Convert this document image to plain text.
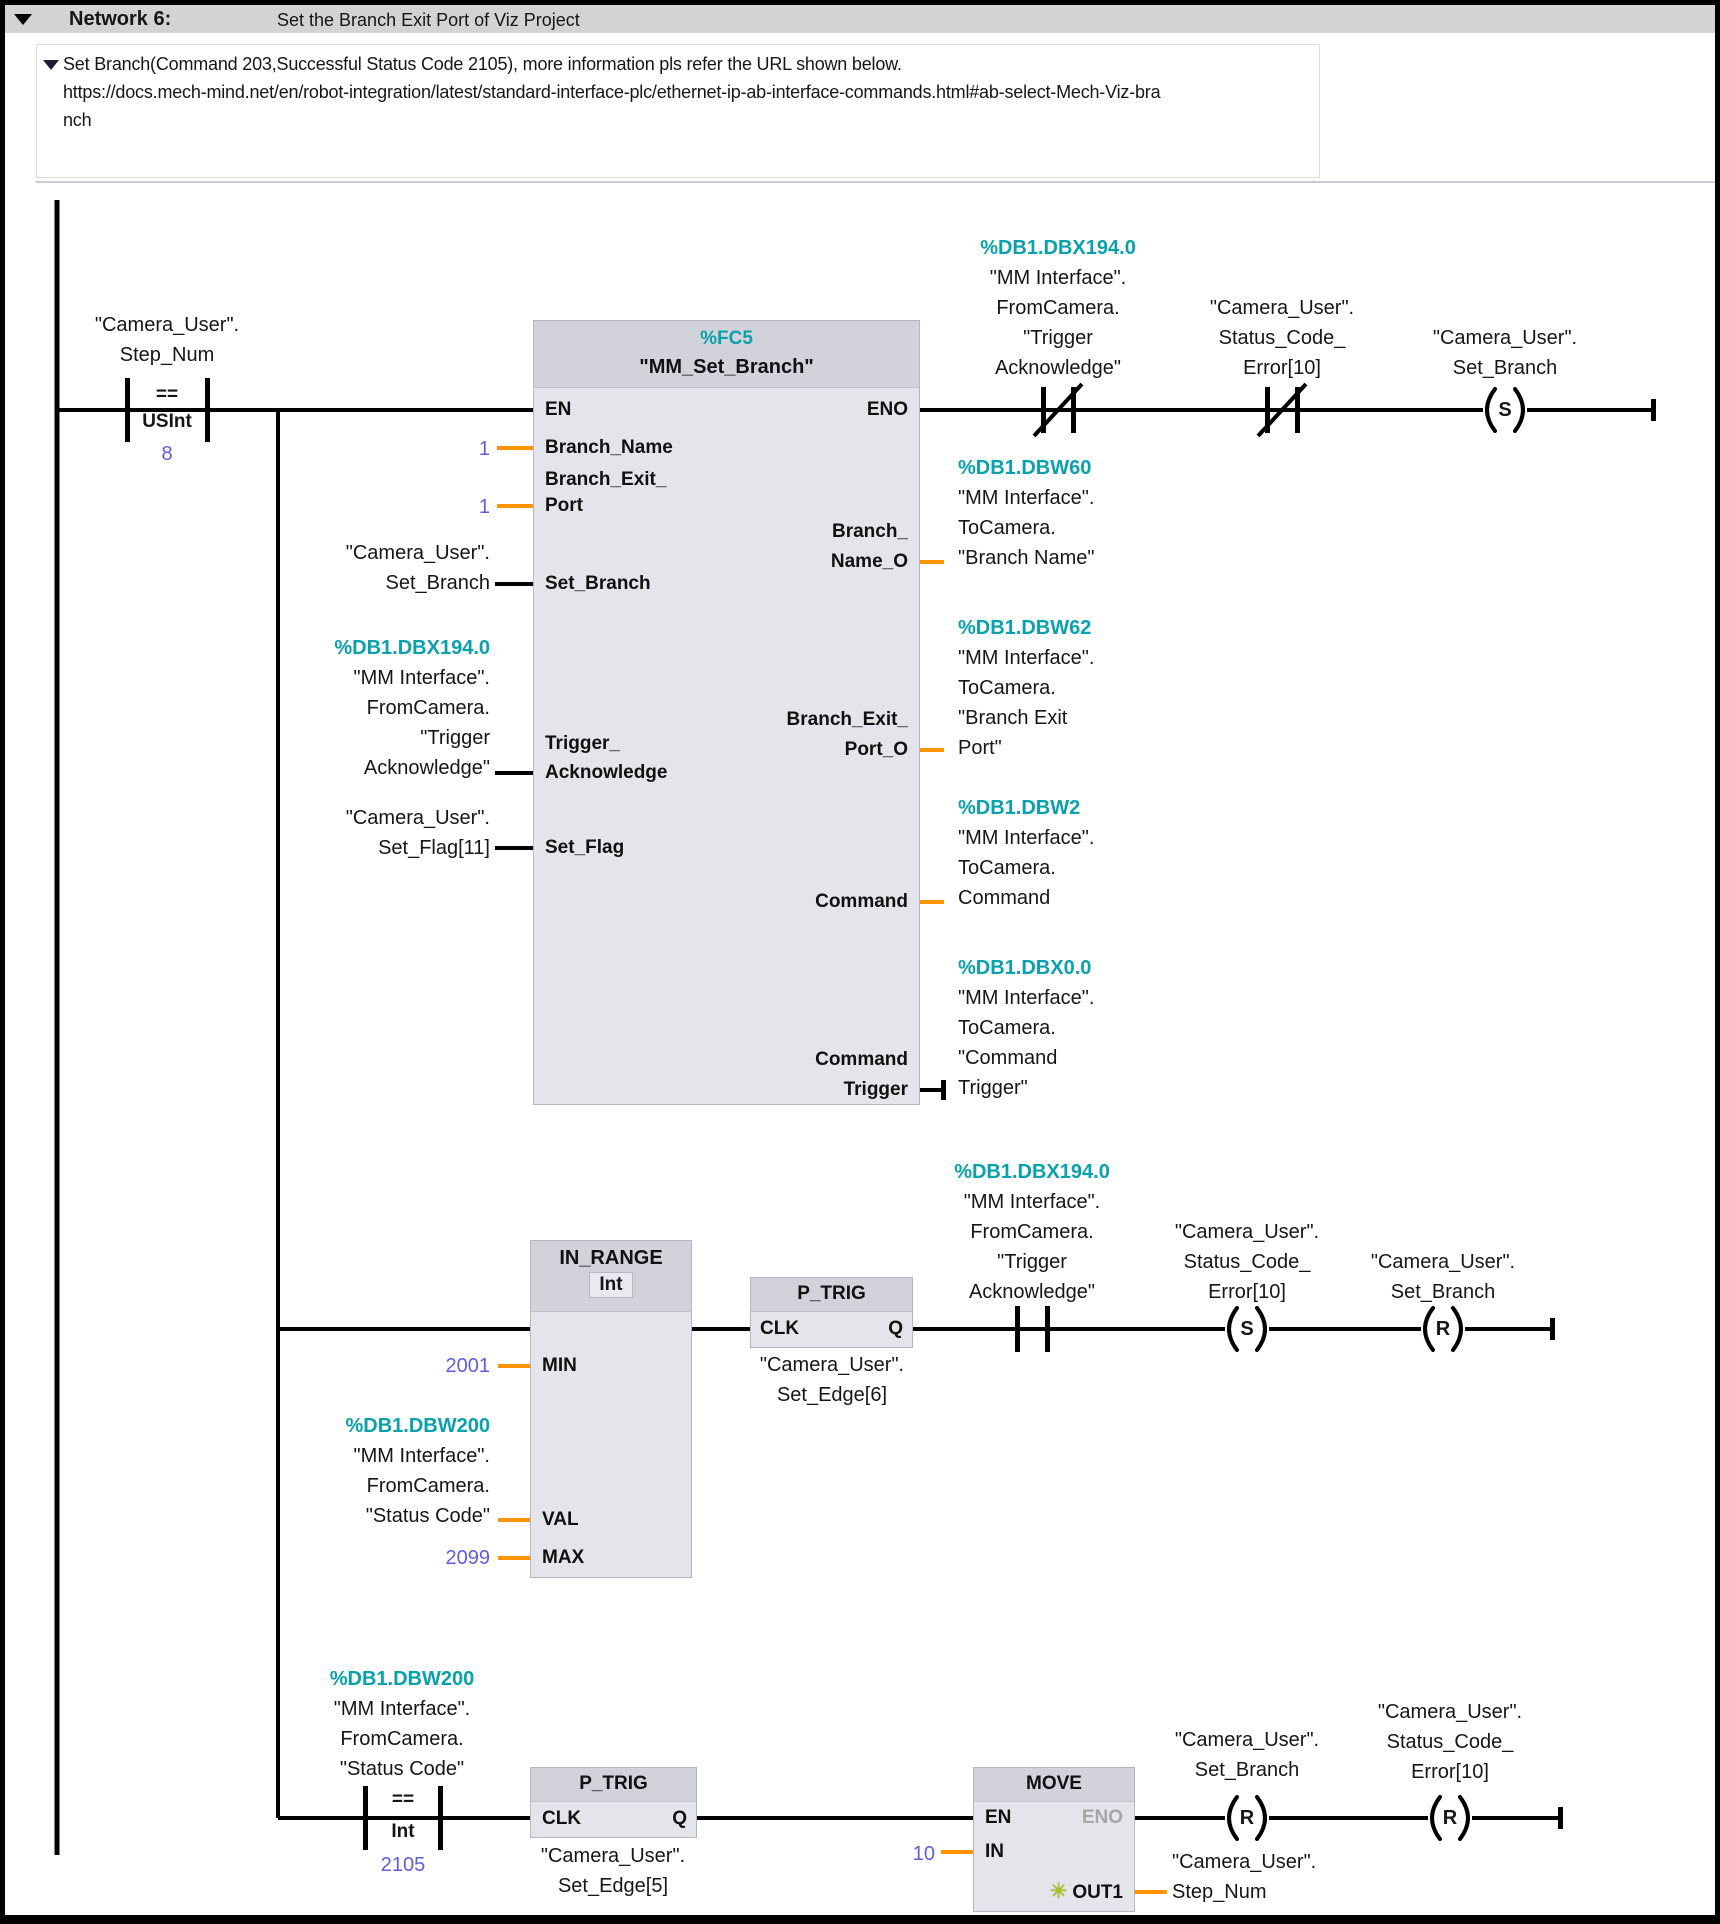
Network 6:	Set the Branch Exit Port of Viz Project
Set Branch(Command 203,Successful Status Code 2105), more information pls refer the URL shown below.
https://docs.mech-mind.net/en/robot-integration/latest/standard-interface-plc/ethernet-ip-ab-interface-commands.html#ab-select-Mech-Viz-bra
nch
%FC5
"MM_Set_Branch"
EN	ENO
Branch_Name
Branch_Exit_
Port
Set_Branch
Trigger_
Acknowledge
Set_Flag
Branch_
Name_O
Branch_Exit_
Port_O
Command
Command
Trigger
IN_RANGE
Int
MIN
VAL
MAX
P_TRIG
CLK	Q
P_TRIG
CLK	Q
MOVE
EN	ENO
IN
✳ OUT1
"Camera_User".
Step_Num
==
USInt
8	1
1
"Camera_User".
Set_Branch
%DB1.DBX194.0
"MM Interface".
FromCamera.
"Trigger
Acknowledge"
"Camera_User".
Set_Flag[11]
%DB1.DBW60
"MM Interface".
ToCamera.
"Branch Name"
%DB1.DBW62
"MM Interface".
ToCamera.
"Branch Exit
Port"
%DB1.DBW2
"MM Interface".
ToCamera.
Command
%DB1.DBX0.0
"MM Interface".
ToCamera.
"Command
Trigger"
%DB1.DBX194.0
"MM Interface".
FromCamera.
"Trigger
Acknowledge"
"Camera_User".
Status_Code_
Error[10]
"Camera_User".
Set_Branch
S
2001
%DB1.DBW200
"MM Interface".
FromCamera.
"Status Code"
2099
"Camera_User".
Set_Edge[6]
%DB1.DBX194.0
"MM Interface".
FromCamera.
"Trigger
Acknowledge"
"Camera_User".
Status_Code_
Error[10]
S
"Camera_User".
Set_Branch
R
%DB1.DBW200
"MM Interface".
FromCamera.
"Status Code"
==
Int
2105	"Camera_User".
Set_Edge[5]
10	"Camera_User".
Step_Num
"Camera_User".
Set_Branch
R
"Camera_User".
Status_Code_
Error[10]
R
